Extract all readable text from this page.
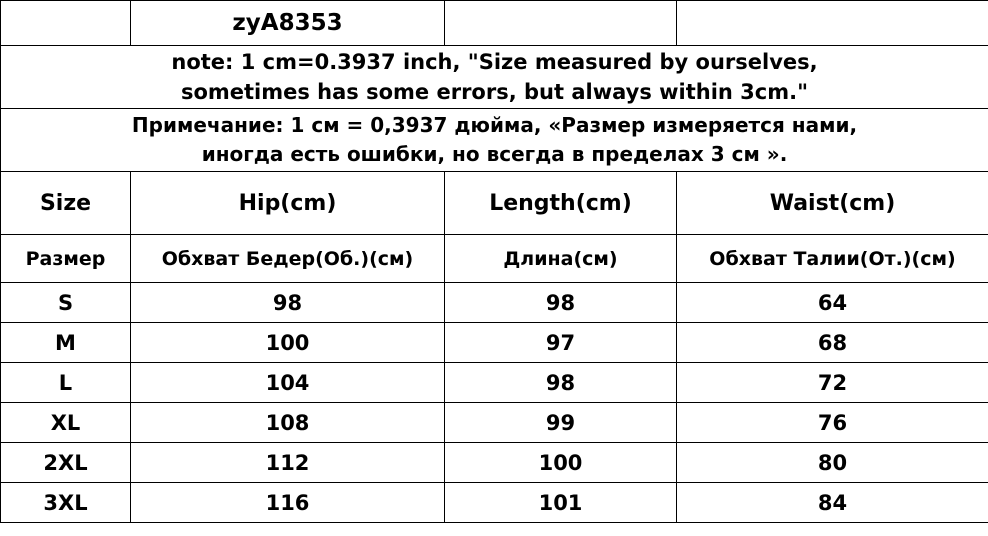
	zyA8353		

note: 1 cm=0.3937 inch, "Size measured by ourselves,
sometimes has some errors, but always within 3cm."			

Примечание: 1 см = 0,3937 дюйма, «Размер измеряется нами,
иногда есть ошибки, но всегда в пределах 3 см ».			

Size	Hip(cm)	Length(cm)	Waist(cm)
Размер	Обхват Бедер(Об.)(см)	Длина(см)	Обхват Талии(От.)(см)
S	98	98	64
M	100	97	68
L	104	98	72
XL	108	99	76
2XL	112	100	80
3XL	116	101	84
